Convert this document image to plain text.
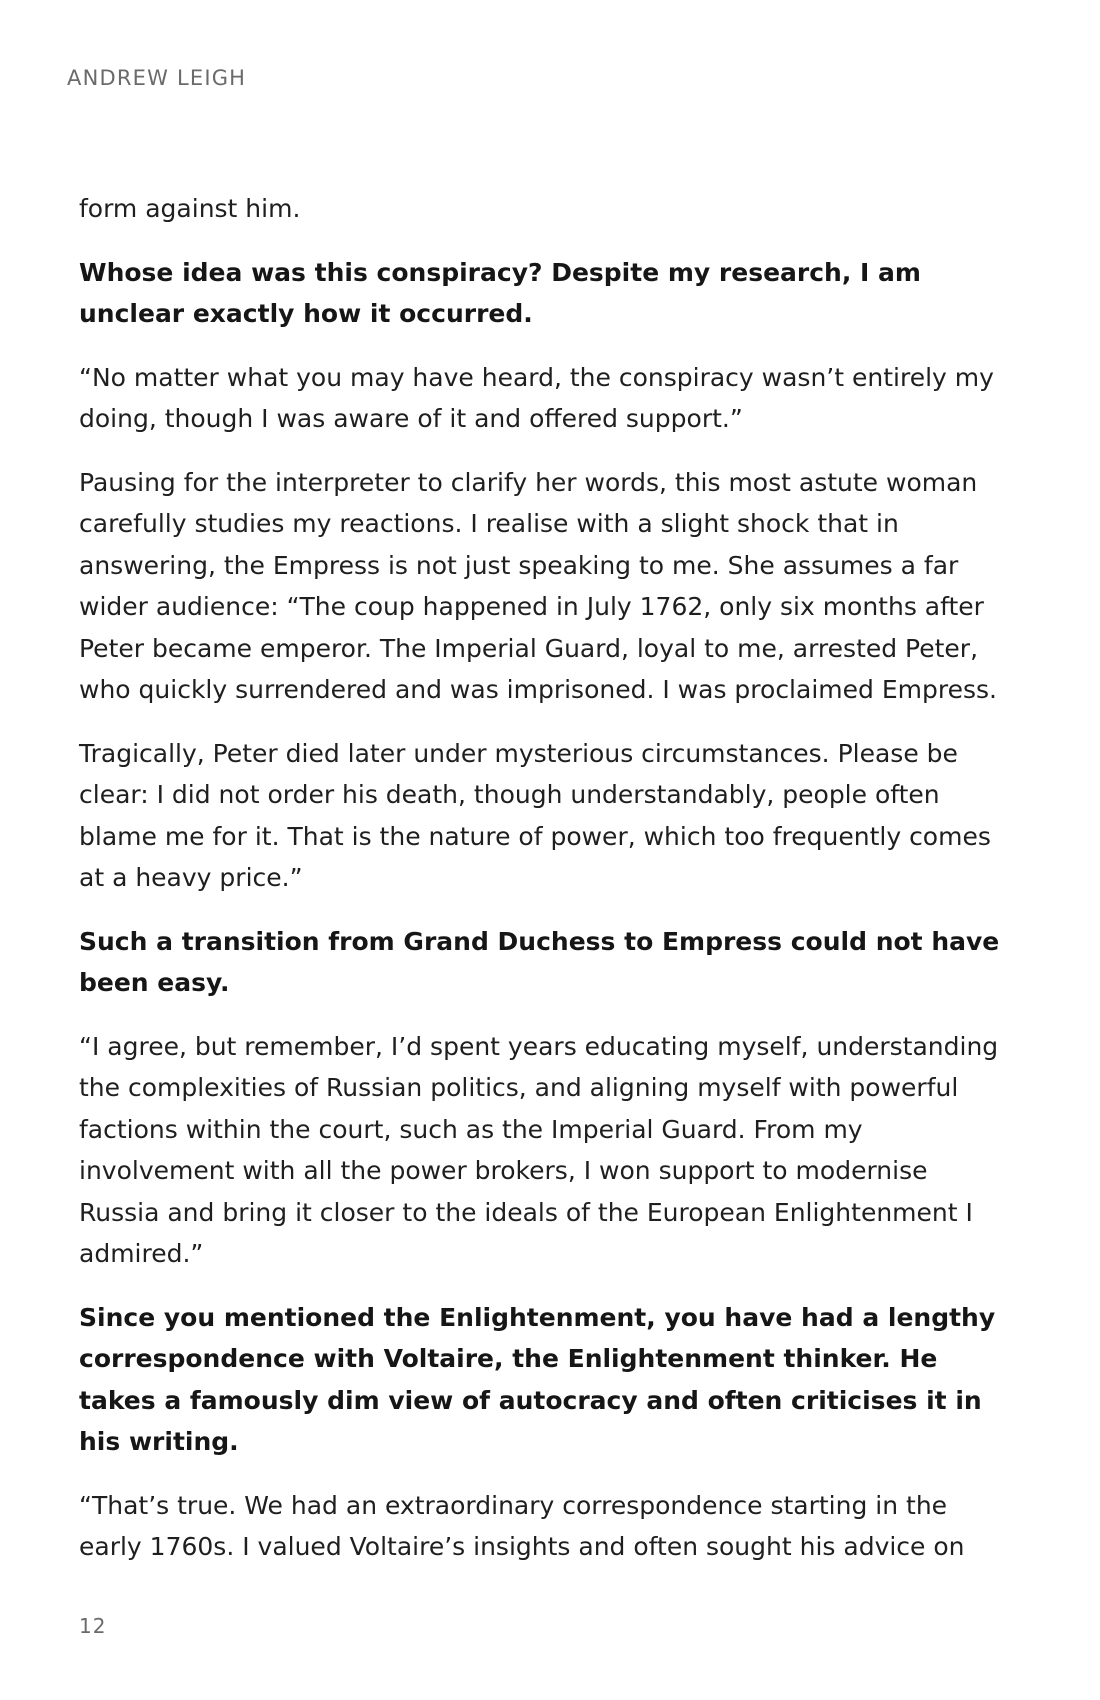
ANDREW LEIGH

form against him.

Whose idea was this conspiracy? Despite my research, I am unclear exactly how it occurred.

“No matter what you may have heard, the conspiracy wasn’t entirely my doing, though I was aware of it and offered support.”

Pausing for the interpreter to clarify her words, this most astute woman carefully studies my reactions. I realise with a slight shock that in answering, the Empress is not just speaking to me. She assumes a far wider audience: “The coup happened in July 1762, only six months after Peter became emperor. The Imperial Guard, loyal to me, arrested Peter, who quickly surrendered and was imprisoned. I was proclaimed Empress.

Tragically, Peter died later under mysterious circumstances. Please be clear: I did not order his death, though understandably, people often blame me for it. That is the nature of power, which too frequently comes at a heavy price.”

Such a transition from Grand Duchess to Empress could not have been easy.

“I agree, but remember, I’d spent years educating myself, understanding the complexities of Russian politics, and aligning myself with powerful factions within the court, such as the Imperial Guard. From my involvement with all the power brokers, I won support to modernise Russia and bring it closer to the ideals of the European Enlightenment I admired.”

Since you mentioned the Enlightenment, you have had a lengthy correspondence with Voltaire, the Enlightenment thinker. He takes a famously dim view of autocracy and often criticises it in his writing.

“That’s true. We had an extraordinary correspondence starting in the early 1760s. I valued Voltaire’s insights and often sought his advice on

12
